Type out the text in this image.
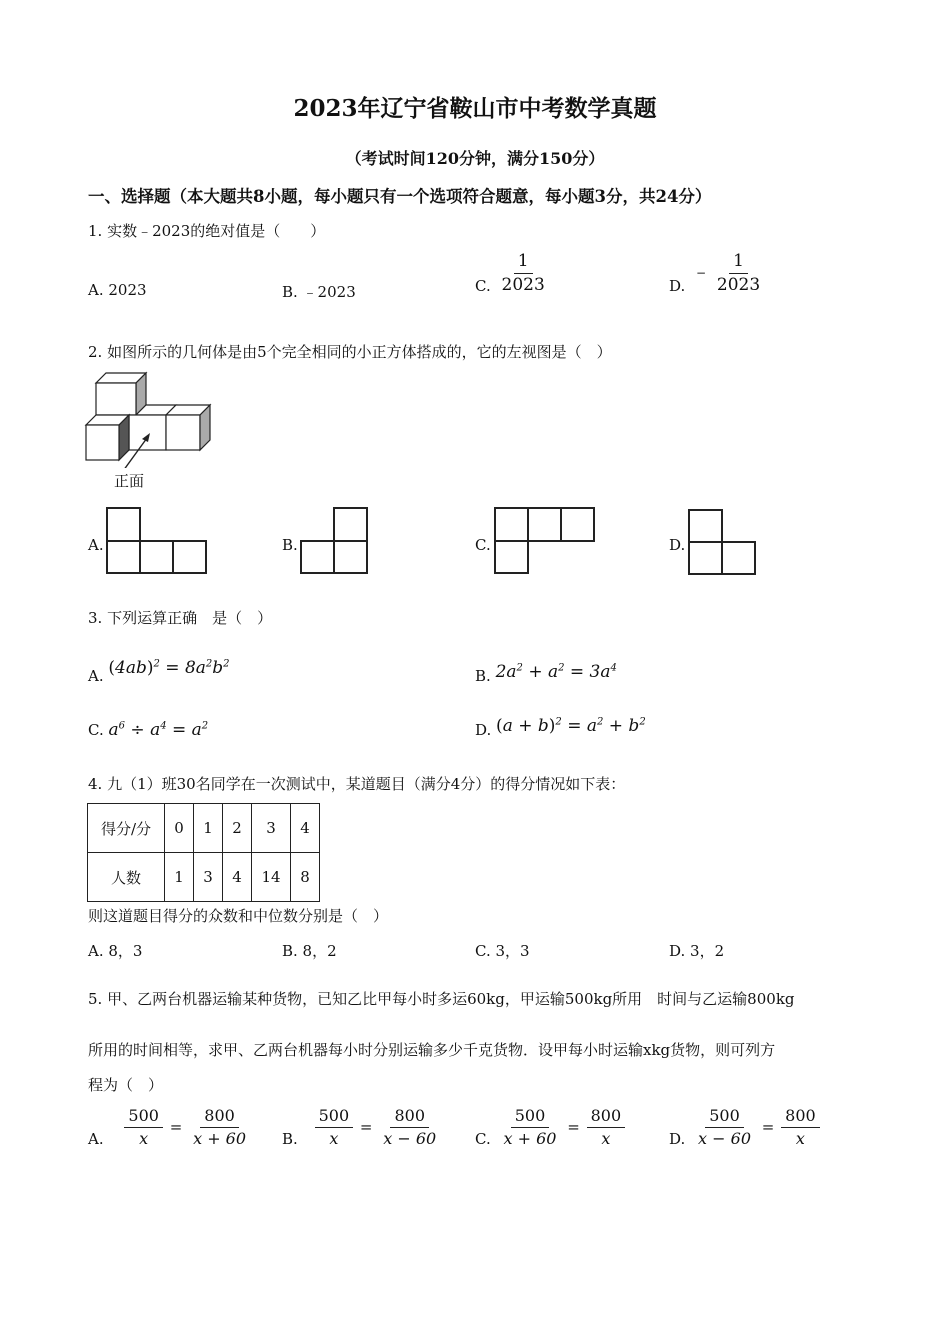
2023年辽宁省鞍山市中考数学真题
（考试时间120分钟，满分150分）
一、选择题（本大题共8小题，每小题只有一个选项符合题意，每小题3分，共24分）
1. 实数﹣2023的绝对值是（　　）
A. 2023	B. ﹣2023	C. $\frac{1}{2023}$	D. − $\frac{1}{2023}$
2. 如图所示的几何体是由5个完全相同的小正方体搭成的，它的左视图是（　）
正面
A.	B.	C.	D.
3. 下列运算正确　是（　）
A. $(4ab)^2 = 8a^2b^2$
B. $2a^2 + a^2 = 3a^4$
C. $a^6 \div a^4 = a^2$	D. $(a + b)^2 = a^2 + b^2$
4. 九（1）班30名同学在一次测试中，某道题目（满分4分）的得分情况如下表：
得分/分	0	1	2	3	4
人数	1	3	4	14	8
则这道题目得分的众数和中位数分别是（　）
A. 8，3	B. 8，2	C. 3，3	D. 3，2
5. 甲、乙两台机器运输某种货物，已知乙比甲每小时多运60kg，甲运输500kg所用　时间与乙运输800kg
所用的时间相等，求甲、乙两台机器每小时分别运输多少千克货物．设甲每小时运输xkg货物，则可列方
程为（　）
A. $\frac{500}{x} = \frac{800}{x + 60} B$. $\frac{500}{x} = \frac{800}{x - 60} C$. $\frac{500}{x + 60} = \frac{800}{x}$	D. $\frac{500}{x - 60} = \frac{800}{x}$
